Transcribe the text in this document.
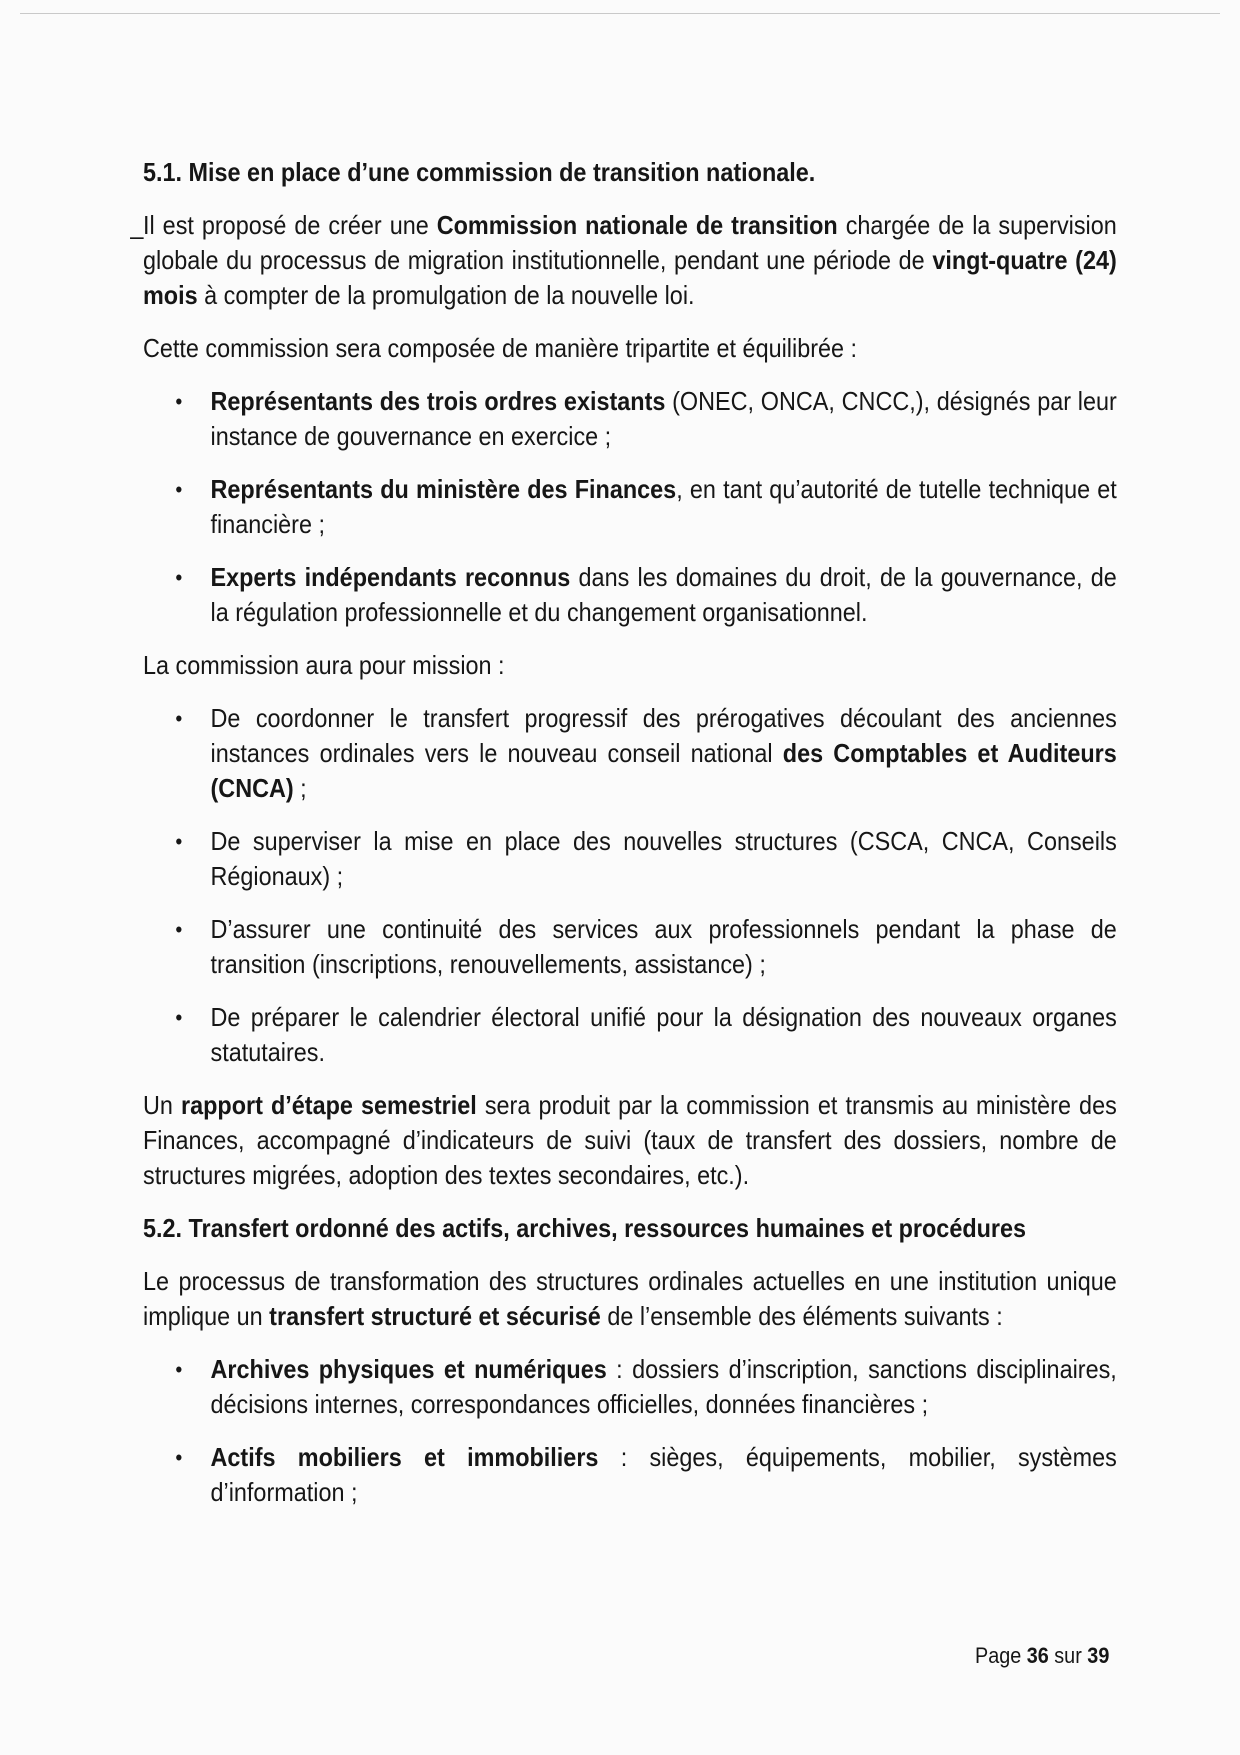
5.1. Mise en place d’une commission de transition nationale.

_ Il est proposé de créer une Commission nationale de transition chargée de la supervision globale du processus de migration institutionnelle, pendant une période de vingt-quatre (24) mois à compter de la promulgation de la nouvelle loi.

Cette commission sera composée de manière tripartite et équilibrée :

• Représentants des trois ordres existants (ONEC, ONCA, CNCC,), désignés par leur instance de gouvernance en exercice ;
• Représentants du ministère des Finances, en tant qu’autorité de tutelle technique et financière ;
• Experts indépendants reconnus dans les domaines du droit, de la gouvernance, de la régulation professionnelle et du changement organisationnel.

La commission aura pour mission :

• De coordonner le transfert progressif des prérogatives découlant des anciennes instances ordinales vers le nouveau conseil national des Comptables et Auditeurs (CNCA) ;
• De superviser la mise en place des nouvelles structures (CSCA, CNCA, Conseils Régionaux) ;
• D’assurer une continuité des services aux professionnels pendant la phase de transition (inscriptions, renouvellements, assistance) ;
• De préparer le calendrier électoral unifié pour la désignation des nouveaux organes statutaires.

Un rapport d’étape semestriel sera produit par la commission et transmis au ministère des Finances, accompagné d’indicateurs de suivi (taux de transfert des dossiers, nombre de structures migrées, adoption des textes secondaires, etc.).

5.2. Transfert ordonné des actifs, archives, ressources humaines et procédures

Le processus de transformation des structures ordinales actuelles en une institution unique implique un transfert structuré et sécurisé de l’ensemble des éléments suivants :

• Archives physiques et numériques : dossiers d’inscription, sanctions disciplinaires, décisions internes, correspondances officielles, données financières ;
• Actifs mobiliers et immobiliers : sièges, équipements, mobilier, systèmes d’information ;
Page 36 sur 39
